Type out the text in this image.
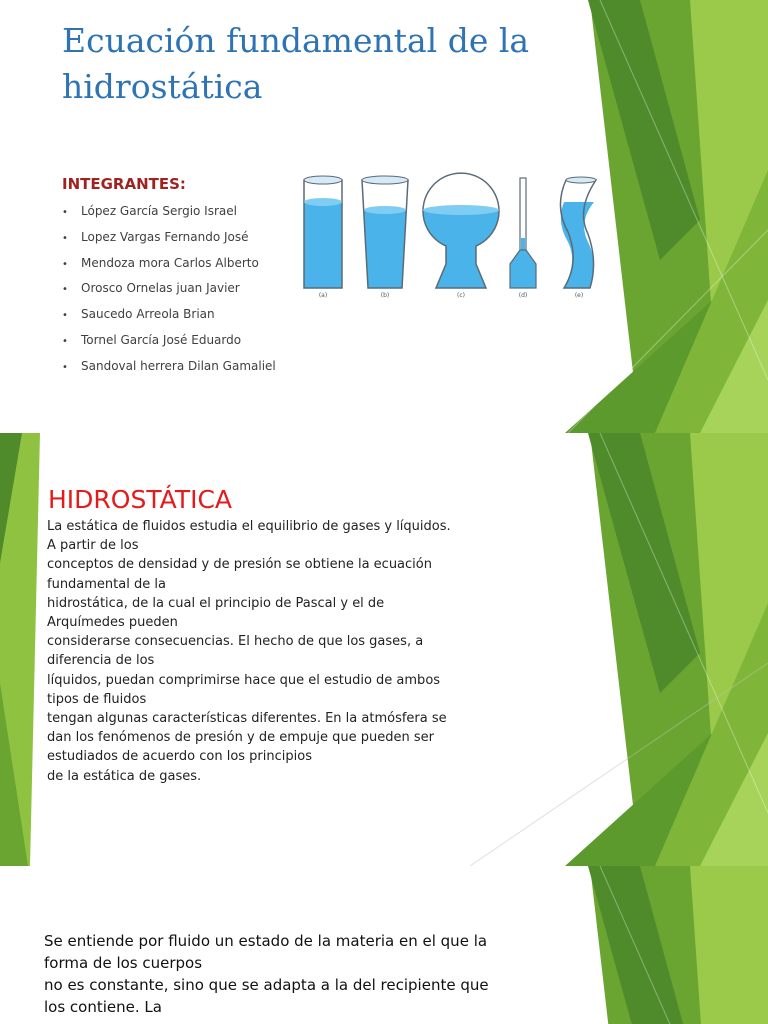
Ecuación fundamental de la hidrostática
INTEGRANTES:
• López García Sergio Israel
• Lopez Vargas Fernando José
• Mendoza mora Carlos Alberto
• Orosco Ornelas juan Javier
• Saucedo Arreola Brian
• Tornel García José Eduardo
• Sandoval herrera Dilan Gamaliel
(a)	(b)	(c)	(d)	(e)
HIDROSTÁTICA

La estática de fluidos estudia el equilibrio de gases y líquidos.
A partir de los
conceptos de densidad y de presión se obtiene la ecuación
fundamental de la
hidrostática, de la cual el principio de Pascal y el de
Arquímedes pueden
considerarse consecuencias. El hecho de que los gases, a
diferencia de los
líquidos, puedan comprimirse hace que el estudio de ambos
tipos de fluidos
tengan algunas características diferentes. En la atmósfera se
dan los fenómenos de presión y de empuje que pueden ser
estudiados de acuerdo con los principios
de la estática de gases.

Se entiende por fluido un estado de la materia en el que la
forma de los cuerpos
no es constante, sino que se adapta a la del recipiente que
los contiene. La
